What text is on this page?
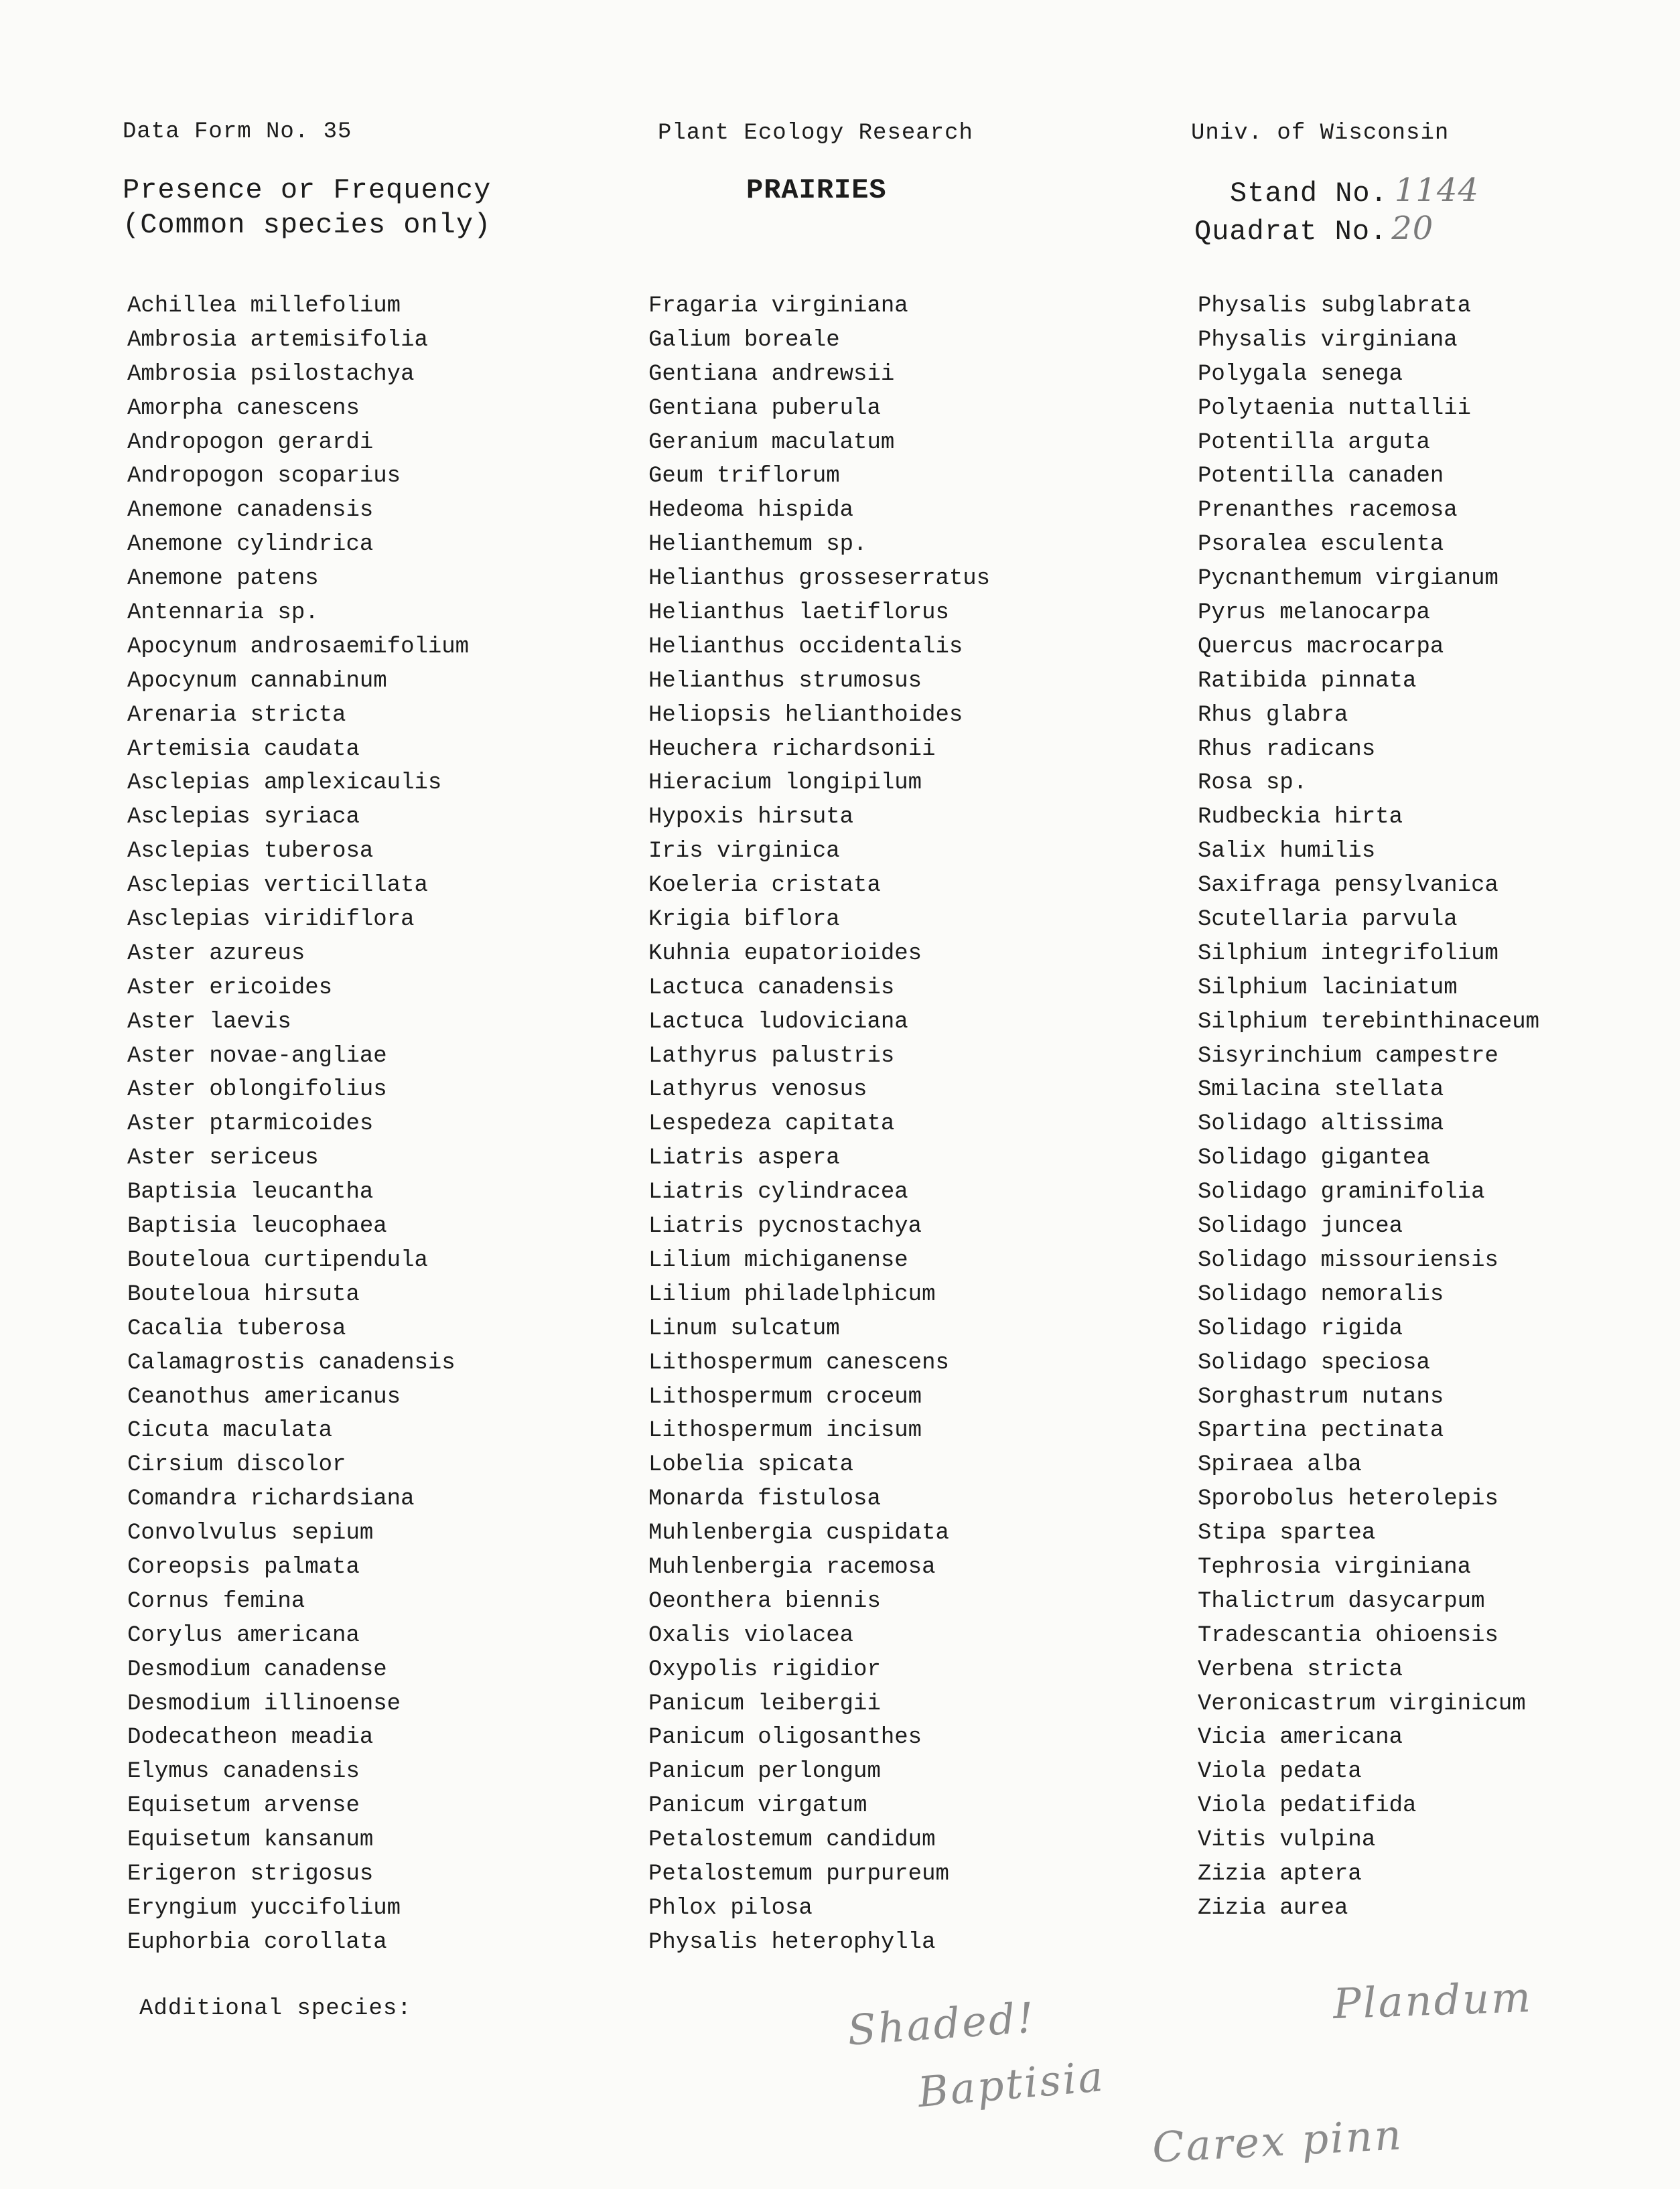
Data Form No. 35	Plant Ecology Research	Univ. of Wisconsin
Presence or Frequency
(Common species only)
PRAIRIES	Stand No. 1144
Quadrat No. 20
Achillea millefolium
Ambrosia artemisifolia
Ambrosia psilostachya
Amorpha canescens
Andropogon gerardi
Andropogon scoparius
Anemone canadensis
Anemone cylindrica
Anemone patens
Antennaria sp.
Apocynum androsaemifolium
Apocynum cannabinum
Arenaria stricta
Artemisia caudata
Asclepias amplexicaulis
Asclepias syriaca
Asclepias tuberosa
Asclepias verticillata
Asclepias viridiflora
Aster azureus
Aster ericoides
Aster laevis
Aster novae-angliae
Aster oblongifolius
Aster ptarmicoides
Aster sericeus
Baptisia leucantha
Baptisia leucophaea
Bouteloua curtipendula
Bouteloua hirsuta
Cacalia tuberosa
Calamagrostis canadensis
Ceanothus americanus
Cicuta maculata
Cirsium discolor
Comandra richardsiana
Convolvulus sepium
Coreopsis palmata
Cornus femina
Corylus americana
Desmodium canadense
Desmodium illinoense
Dodecatheon meadia
Elymus canadensis
Equisetum arvense
Equisetum kansanum
Erigeron strigosus
Eryngium yuccifolium
Euphorbia corollata
Fragaria virginiana
Galium boreale
Gentiana andrewsii
Gentiana puberula
Geranium maculatum
Geum triflorum
Hedeoma hispida
Helianthemum sp.
Helianthus grosseserratus
Helianthus laetiflorus
Helianthus occidentalis
Helianthus strumosus
Heliopsis helianthoides
Heuchera richardsonii
Hieracium longipilum
Hypoxis hirsuta
Iris virginica
Koeleria cristata
Krigia biflora
Kuhnia eupatorioides
Lactuca canadensis
Lactuca ludoviciana
Lathyrus palustris
Lathyrus venosus
Lespedeza capitata
Liatris aspera
Liatris cylindracea
Liatris pycnostachya
Lilium michiganense
Lilium philadelphicum
Linum sulcatum
Lithospermum canescens
Lithospermum croceum
Lithospermum incisum
Lobelia spicata
Monarda fistulosa
Muhlenbergia cuspidata
Muhlenbergia racemosa
Oeonthera biennis
Oxalis violacea
Oxypolis rigidior
Panicum leibergii
Panicum oligosanthes
Panicum perlongum
Panicum virgatum
Petalostemum candidum
Petalostemum purpureum
Phlox pilosa
Physalis heterophylla
Physalis subglabrata
Physalis virginiana
Polygala senega
Polytaenia nuttallii
Potentilla arguta
Potentilla canaden
Prenanthes racemosa
Psoralea esculenta
Pycnanthemum virgianum
Pyrus melanocarpa
Quercus macrocarpa
Ratibida pinnata
Rhus glabra
Rhus radicans
Rosa sp.
Rudbeckia hirta
Salix humilis
Saxifraga pensylvanica
Scutellaria parvula
Silphium integrifolium
Silphium laciniatum
Silphium terebinthinaceum
Sisyrinchium campestre
Smilacina stellata
Solidago altissima
Solidago gigantea
Solidago graminifolia
Solidago juncea
Solidago missouriensis
Solidago nemoralis
Solidago rigida
Solidago speciosa
Sorghastrum nutans
Spartina pectinata
Spiraea alba
Sporobolus heterolepis
Stipa spartea
Tephrosia virginiana
Thalictrum dasycarpum
Tradescantia ohioensis
Verbena stricta
Veronicastrum virginicum
Vicia americana
Viola pedata
Viola pedatifida
Vitis vulpina
Zizia aptera
Zizia aurea
Additional species:	Shaded!	Plandum
Baptisia
Carex pinn
